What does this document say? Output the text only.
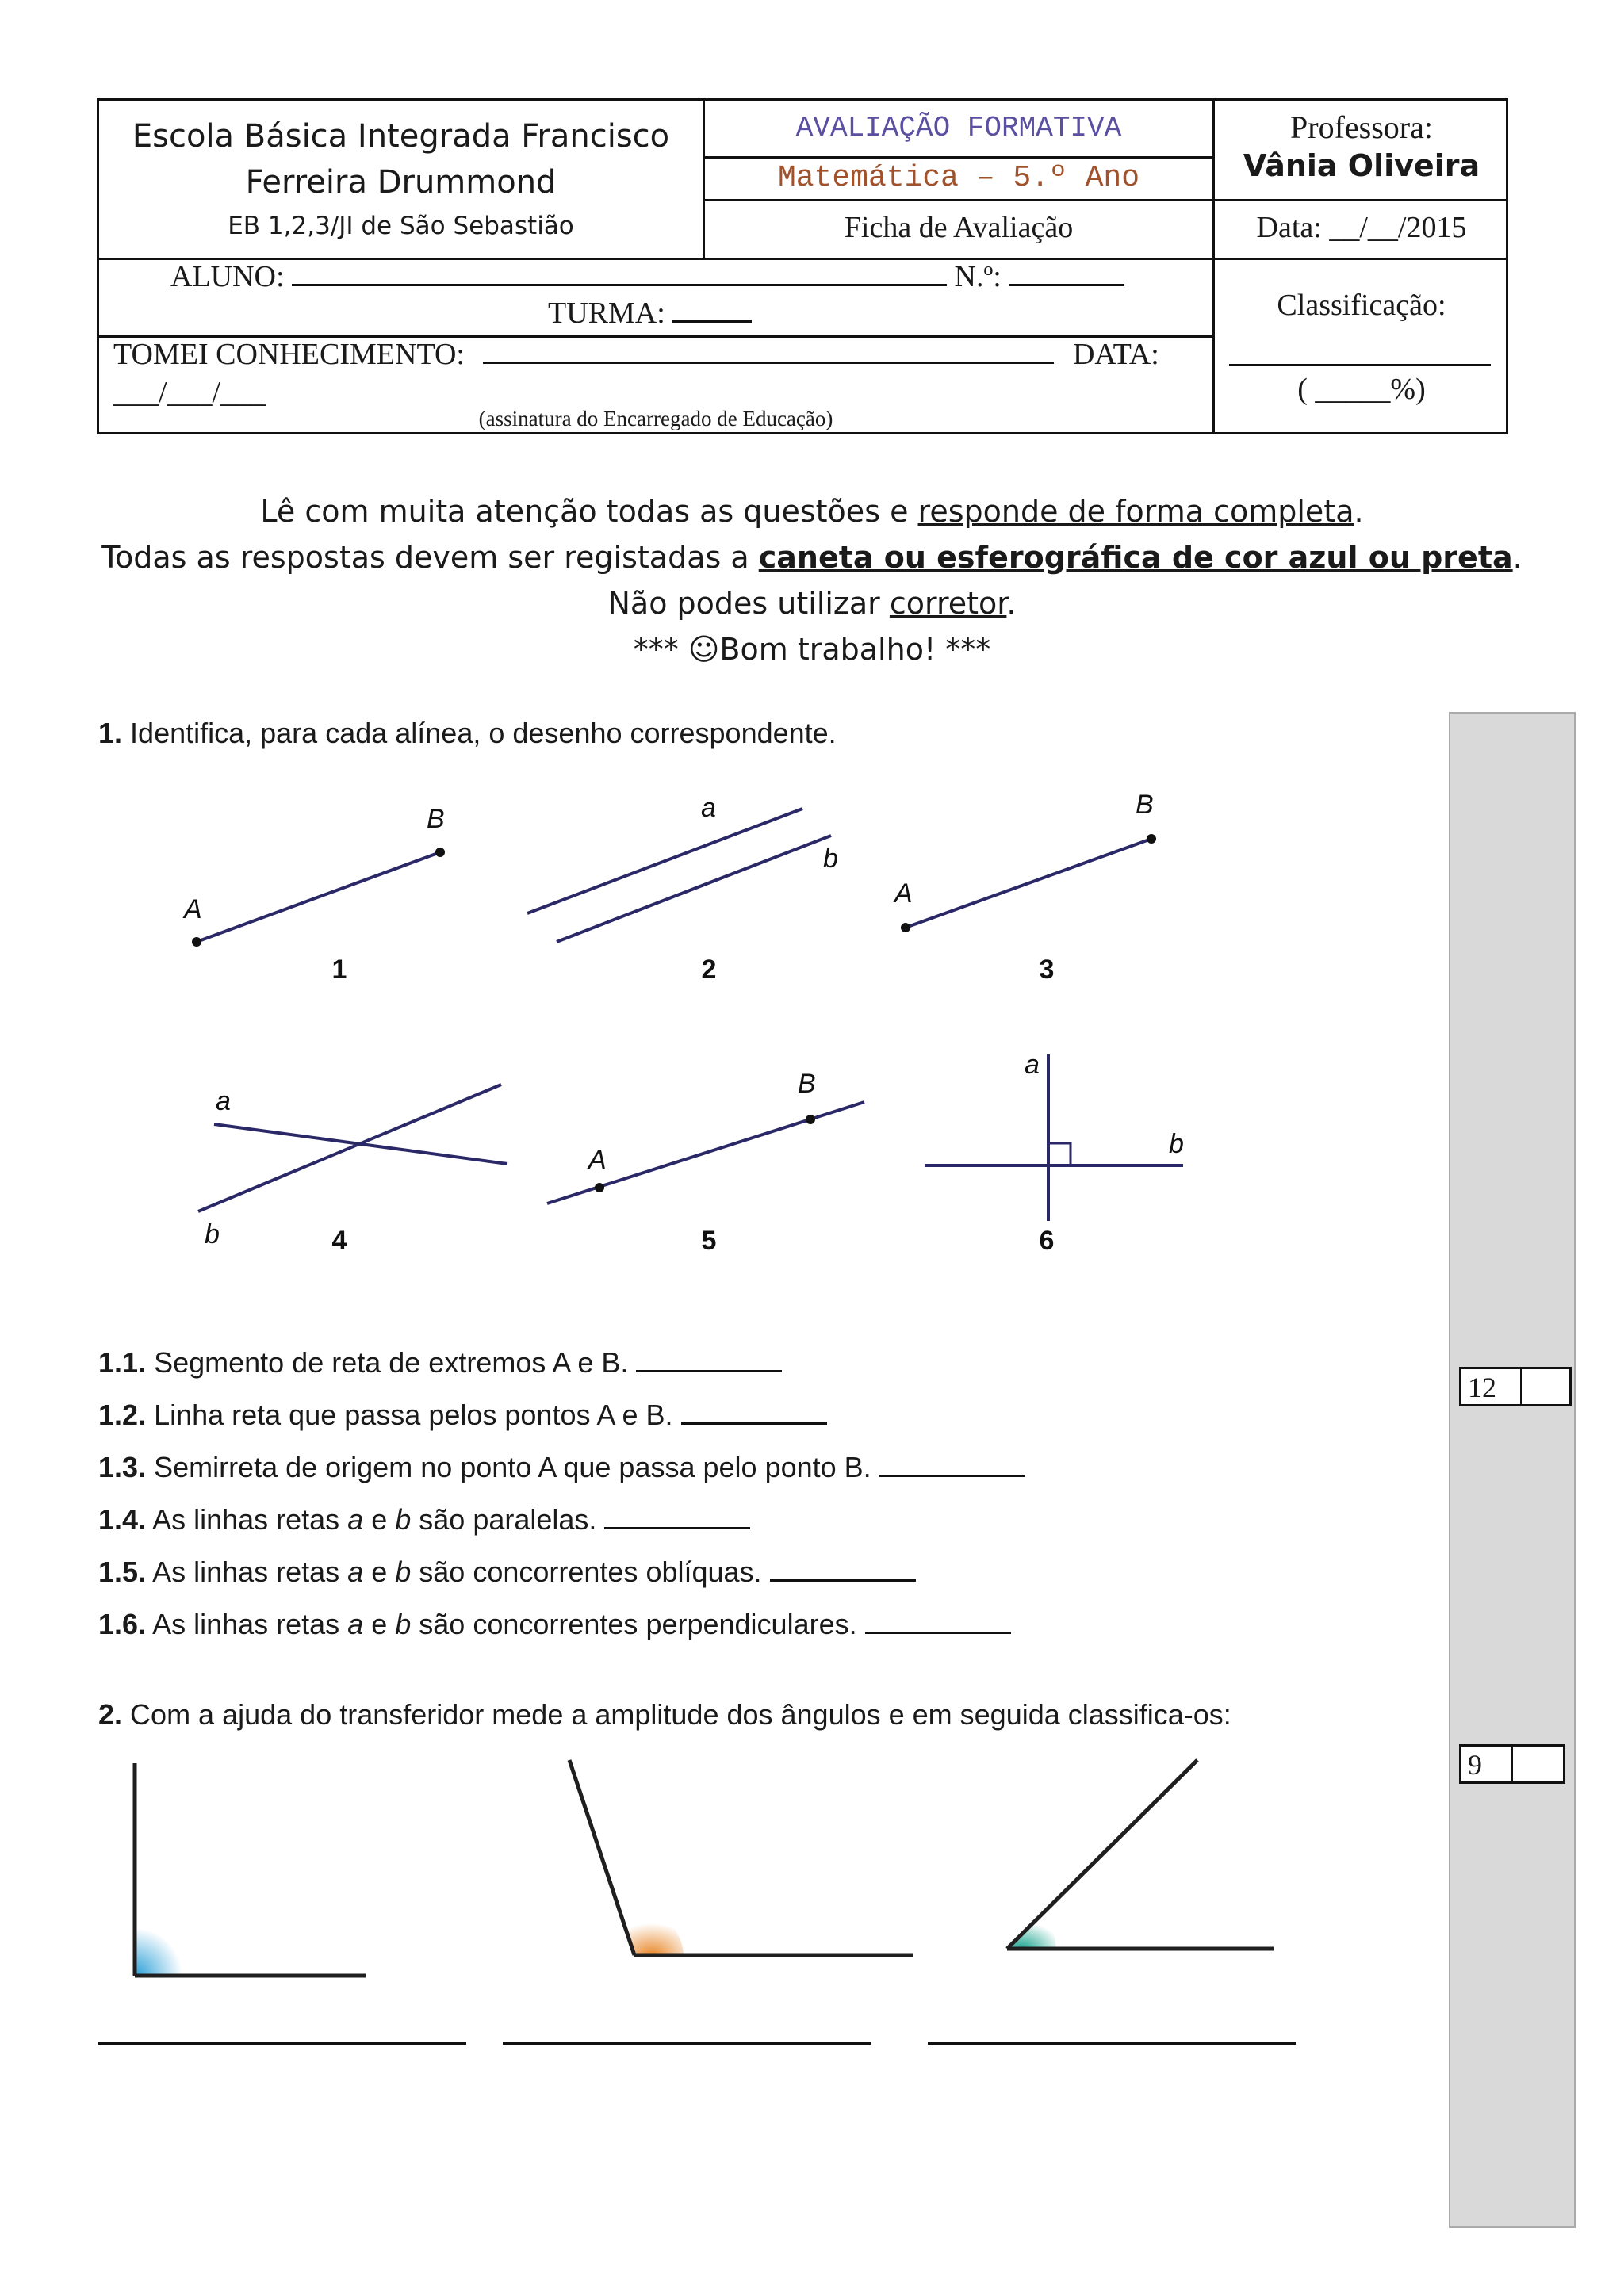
Escola Básica Integrada Francisco
Ferreira Drummond
EB 1,2,3/JI de São Sebastião
AVALIAÇÃO FORMATIVA
Matemática – 5.º Ano
Ficha de Avaliação
Professora:
Vânia Oliveira
Data: __/__/2015
ALUNO:	N.º:
TURMA:
TOMEI CONHECIMENTO:	DATA:
___/___/___
(assinatura do Encarregado de Educação)
Classificação:
( _____%)
Lê com muita atenção todas as questões e responde de forma completa.
Todas as respostas devem ser registadas a caneta ou esferográfica de cor azul ou preta.
Não podes utilizar corretor.
*** ☺Bom trabalho! ***
12
9
1. Identifica, para cada alínea, o desenho correspondente.
A
B	a
b
A
B
a
b
A
B
a
b
1	2	3
4	5	6
1.1. Segmento de reta de extremos A e B.
1.2. Linha reta que passa pelos pontos A e B.
1.3. Semirreta de origem no ponto A que passa pelo ponto B.
1.4. As linhas retas a e b são paralelas.
1.5. As linhas retas a e b são concorrentes oblíquas.
1.6. As linhas retas a e b são concorrentes perpendiculares.
2. Com a ajuda do transferidor mede a amplitude dos ângulos e em seguida classifica-os:
